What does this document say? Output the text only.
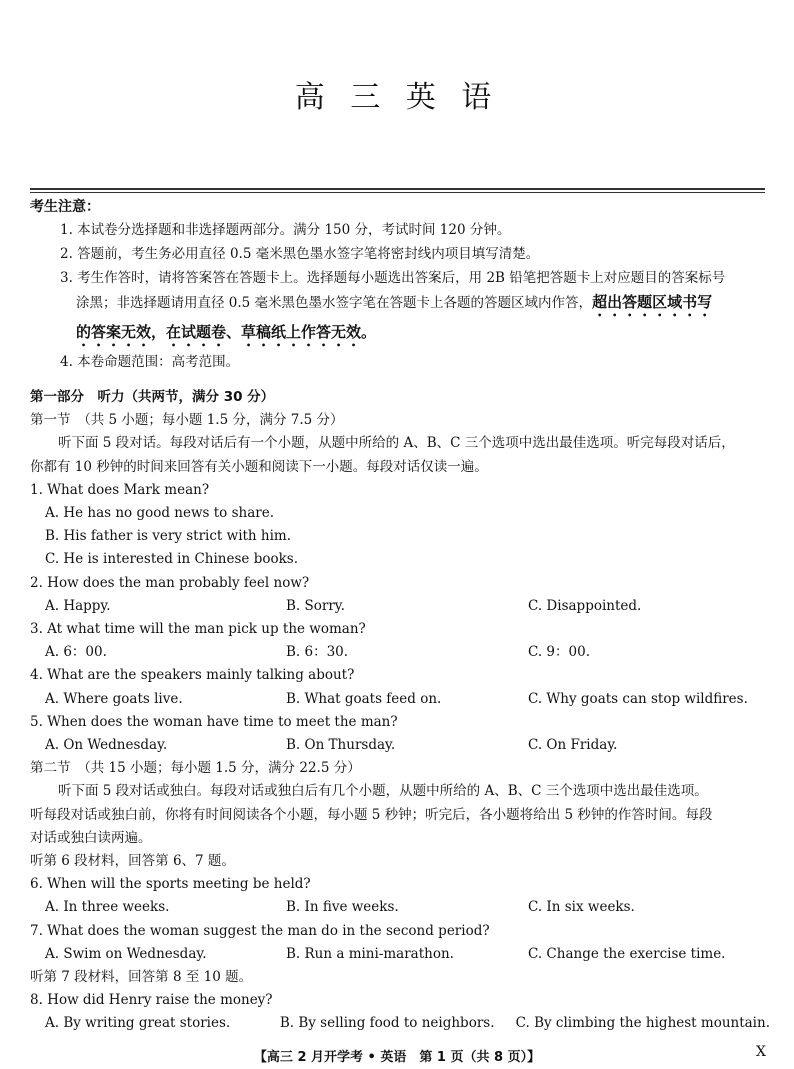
高 三 英 语
考生注意：
1. 本试卷分选择题和非选择题两部分。满分 150 分，考试时间 120 分钟。
2. 答题前，考生务必用直径 0.5 毫米黑色墨水签字笔将密封线内项目填写清楚。
3. 考生作答时，请将答案答在答题卡上。选择题每小题选出答案后，用 2B 铅笔把答题卡上对应题目的答案标号
涂黑；非选择题请用直径 0.5 毫米黑色墨水签字笔在答题卡上各题的答题区域内作答，超出答题区域书写
的答案无效，在试题卷、草稿纸上作答无效。
4. 本卷命题范围：高考范围。
第一部分　听力（共两节，满分 30 分）
第一节　（共 5 小题；每小题 1.5 分，满分 7.5 分）
听下面 5 段对话。每段对话后有一个小题，从题中所给的 A、B、C 三个选项中选出最佳选项。听完每段对话后，
你都有 10 秒钟的时间来回答有关小题和阅读下一小题。每段对话仅读一遍。
1. What does Mark mean?
A. He has no good news to share.
B. His father is very strict with him.
C. He is interested in Chinese books.
2. How does the man probably feel now?
A. Happy.	B. Sorry.	C. Disappointed.
3. At what time will the man pick up the woman?
A. 6：00.	B. 6：30.	C. 9：00.
4. What are the speakers mainly talking about?
A. Where goats live.	B. What goats feed on.	C. Why goats can stop wildfires.
5. When does the woman have time to meet the man?
A. On Wednesday.	B. On Thursday.	C. On Friday.
第二节　（共 15 小题；每小题 1.5 分，满分 22.5 分）
听下面 5 段对话或独白。每段对话或独白后有几个小题，从题中所给的 A、B、C 三个选项中选出最佳选项。
听每段对话或独白前，你将有时间阅读各个小题，每小题 5 秒钟；听完后，各小题将给出 5 秒钟的作答时间。每段
对话或独白读两遍。
听第 6 段材料，回答第 6、7 题。
6. When will the sports meeting be held?
A. In three weeks.	B. In five weeks.	C. In six weeks.
7. What does the woman suggest the man do in the second period?
A. Swim on Wednesday.	B. Run a mini-marathon.	C. Change the exercise time.
听第 7 段材料，回答第 8 至 10 题。
8. How did Henry raise the money?
A. By writing great stories.	B. By selling food to neighbors.	C. By climbing the highest mountain.
【高三 2 月开学考 • 英语　第 1 页（共 8 页）】	X
